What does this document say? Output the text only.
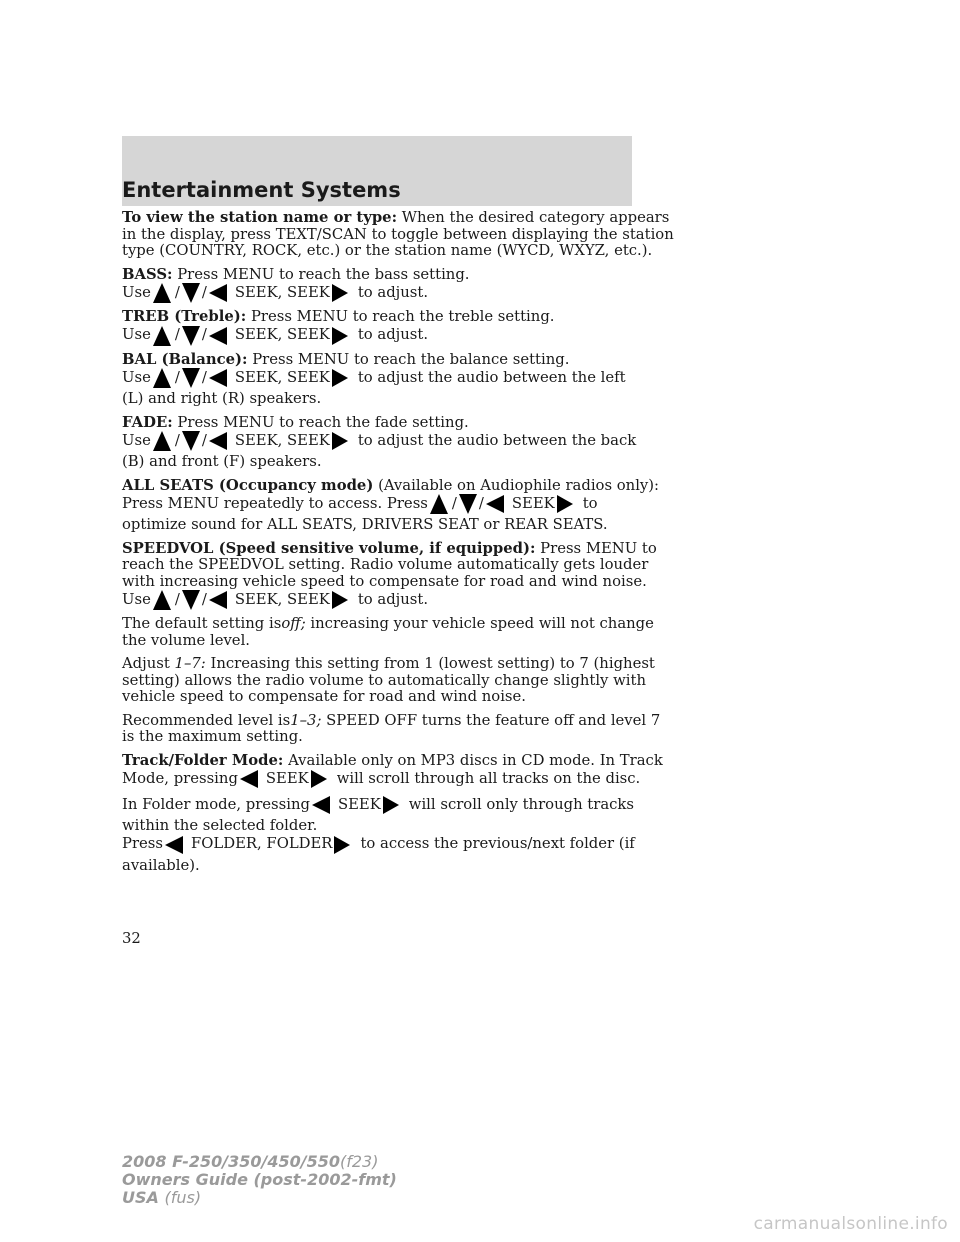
Entertainment Systems

To view the station name or type: When the desired category appears

in the display, press TEXT/SCAN to toggle between displaying the station

type (COUNTRY, ROCK, etc.) or the station name (WYCD, WXYZ, etc.).

BASS: Press MENU to reach the bass setting.

Use / / SEEK, SEEK to adjust.

TREB (Treble): Press MENU to reach the treble setting.

Use / / SEEK, SEEK to adjust.

BAL (Balance): Press MENU to reach the balance setting.

Use / / SEEK, SEEK to adjust the audio between the left

(L) and right (R) speakers.

FADE: Press MENU to reach the fade setting.

Use / / SEEK, SEEK to adjust the audio between the back

(B) and front (F) speakers.

ALL SEATS (Occupancy mode) (Available on Audiophile radios only):

Press MENU repeatedly to access. Press / / SEEK to

optimize sound for ALL SEATS, DRIVERS SEAT or REAR SEATS.

SPEEDVOL (Speed sensitive volume, if equipped): Press MENU to

reach the SPEEDVOL setting. Radio volume automatically gets louder

with increasing vehicle speed to compensate for road and wind noise.

Use / / SEEK, SEEK to adjust.

The default setting isoff; increasing your vehicle speed will not change

the volume level.

Adjust 1–7: Increasing this setting from 1 (lowest setting) to 7 (highest

setting) allows the radio volume to automatically change slightly with

vehicle speed to compensate for road and wind noise.

Recommended level is1–3; SPEED OFF turns the feature off and level 7

is the maximum setting.

Track/Folder Mode: Available only on MP3 discs in CD mode. In Track

Mode, pressing SEEK will scroll through all tracks on the disc.
In Folder mode, pressing SEEK will scroll only through tracks

within the selected folder.

Press FOLDER, FOLDER to access the previous/next folder (if

available).

32
2008 F-250/350/450/550(f23)
Owners Guide (post-2002-fmt)
USA (fus)
carmanualsonline.info
